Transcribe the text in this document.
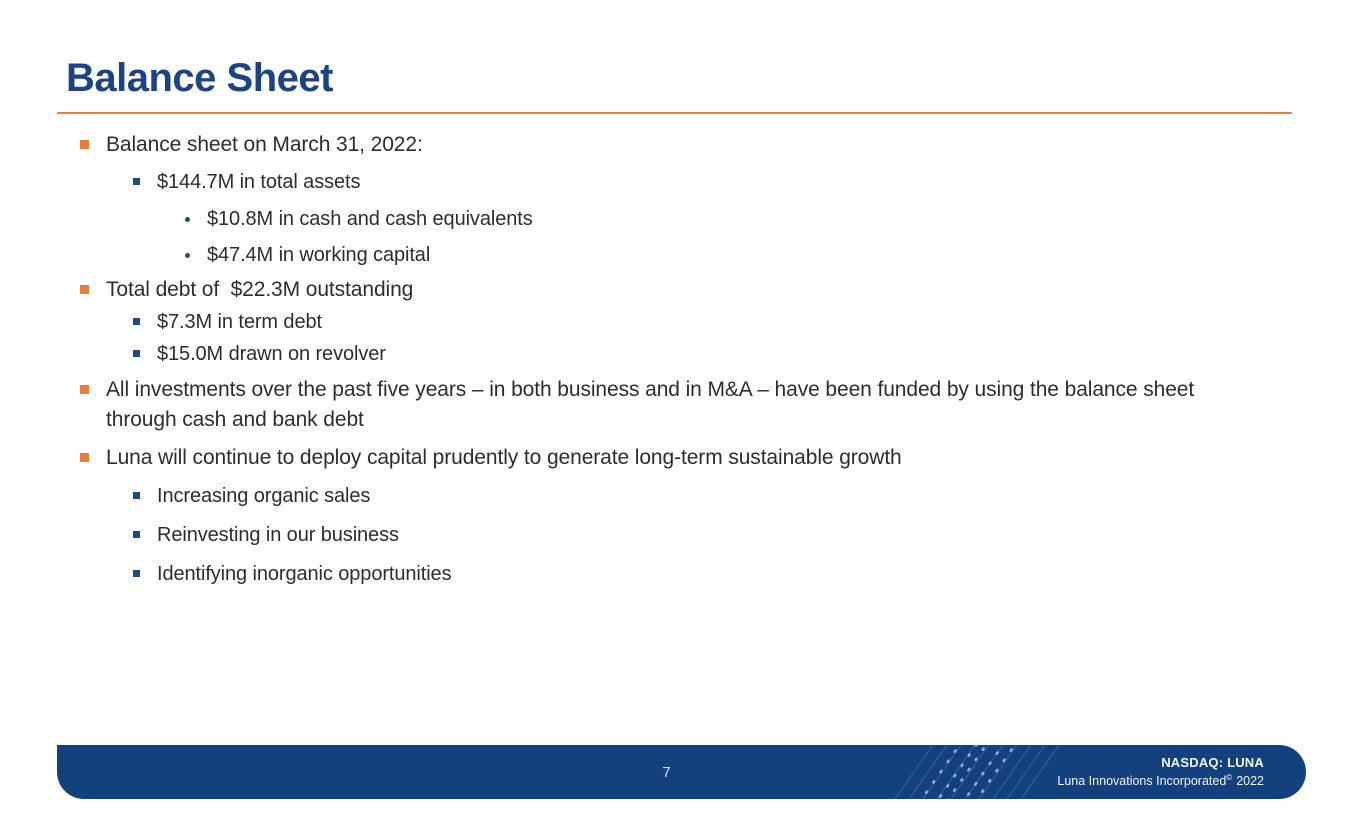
Balance Sheet
Balance sheet on March 31, 2022:
$144.7M in total assets
$10.8M in cash and cash equivalents
$47.4M in working capital
Total debt of  $22.3M outstanding
$7.3M in term debt
$15.0M drawn on revolver
All investments over the past five years – in both business and in M&A – have been funded by using the balance sheet through cash and bank debt
Luna will continue to deploy capital prudently to generate long-term sustainable growth
Increasing organic sales
Reinvesting in our business
Identifying inorganic opportunities
7
NASDAQ: LUNA
Luna Innovations Incorporated© 2022
